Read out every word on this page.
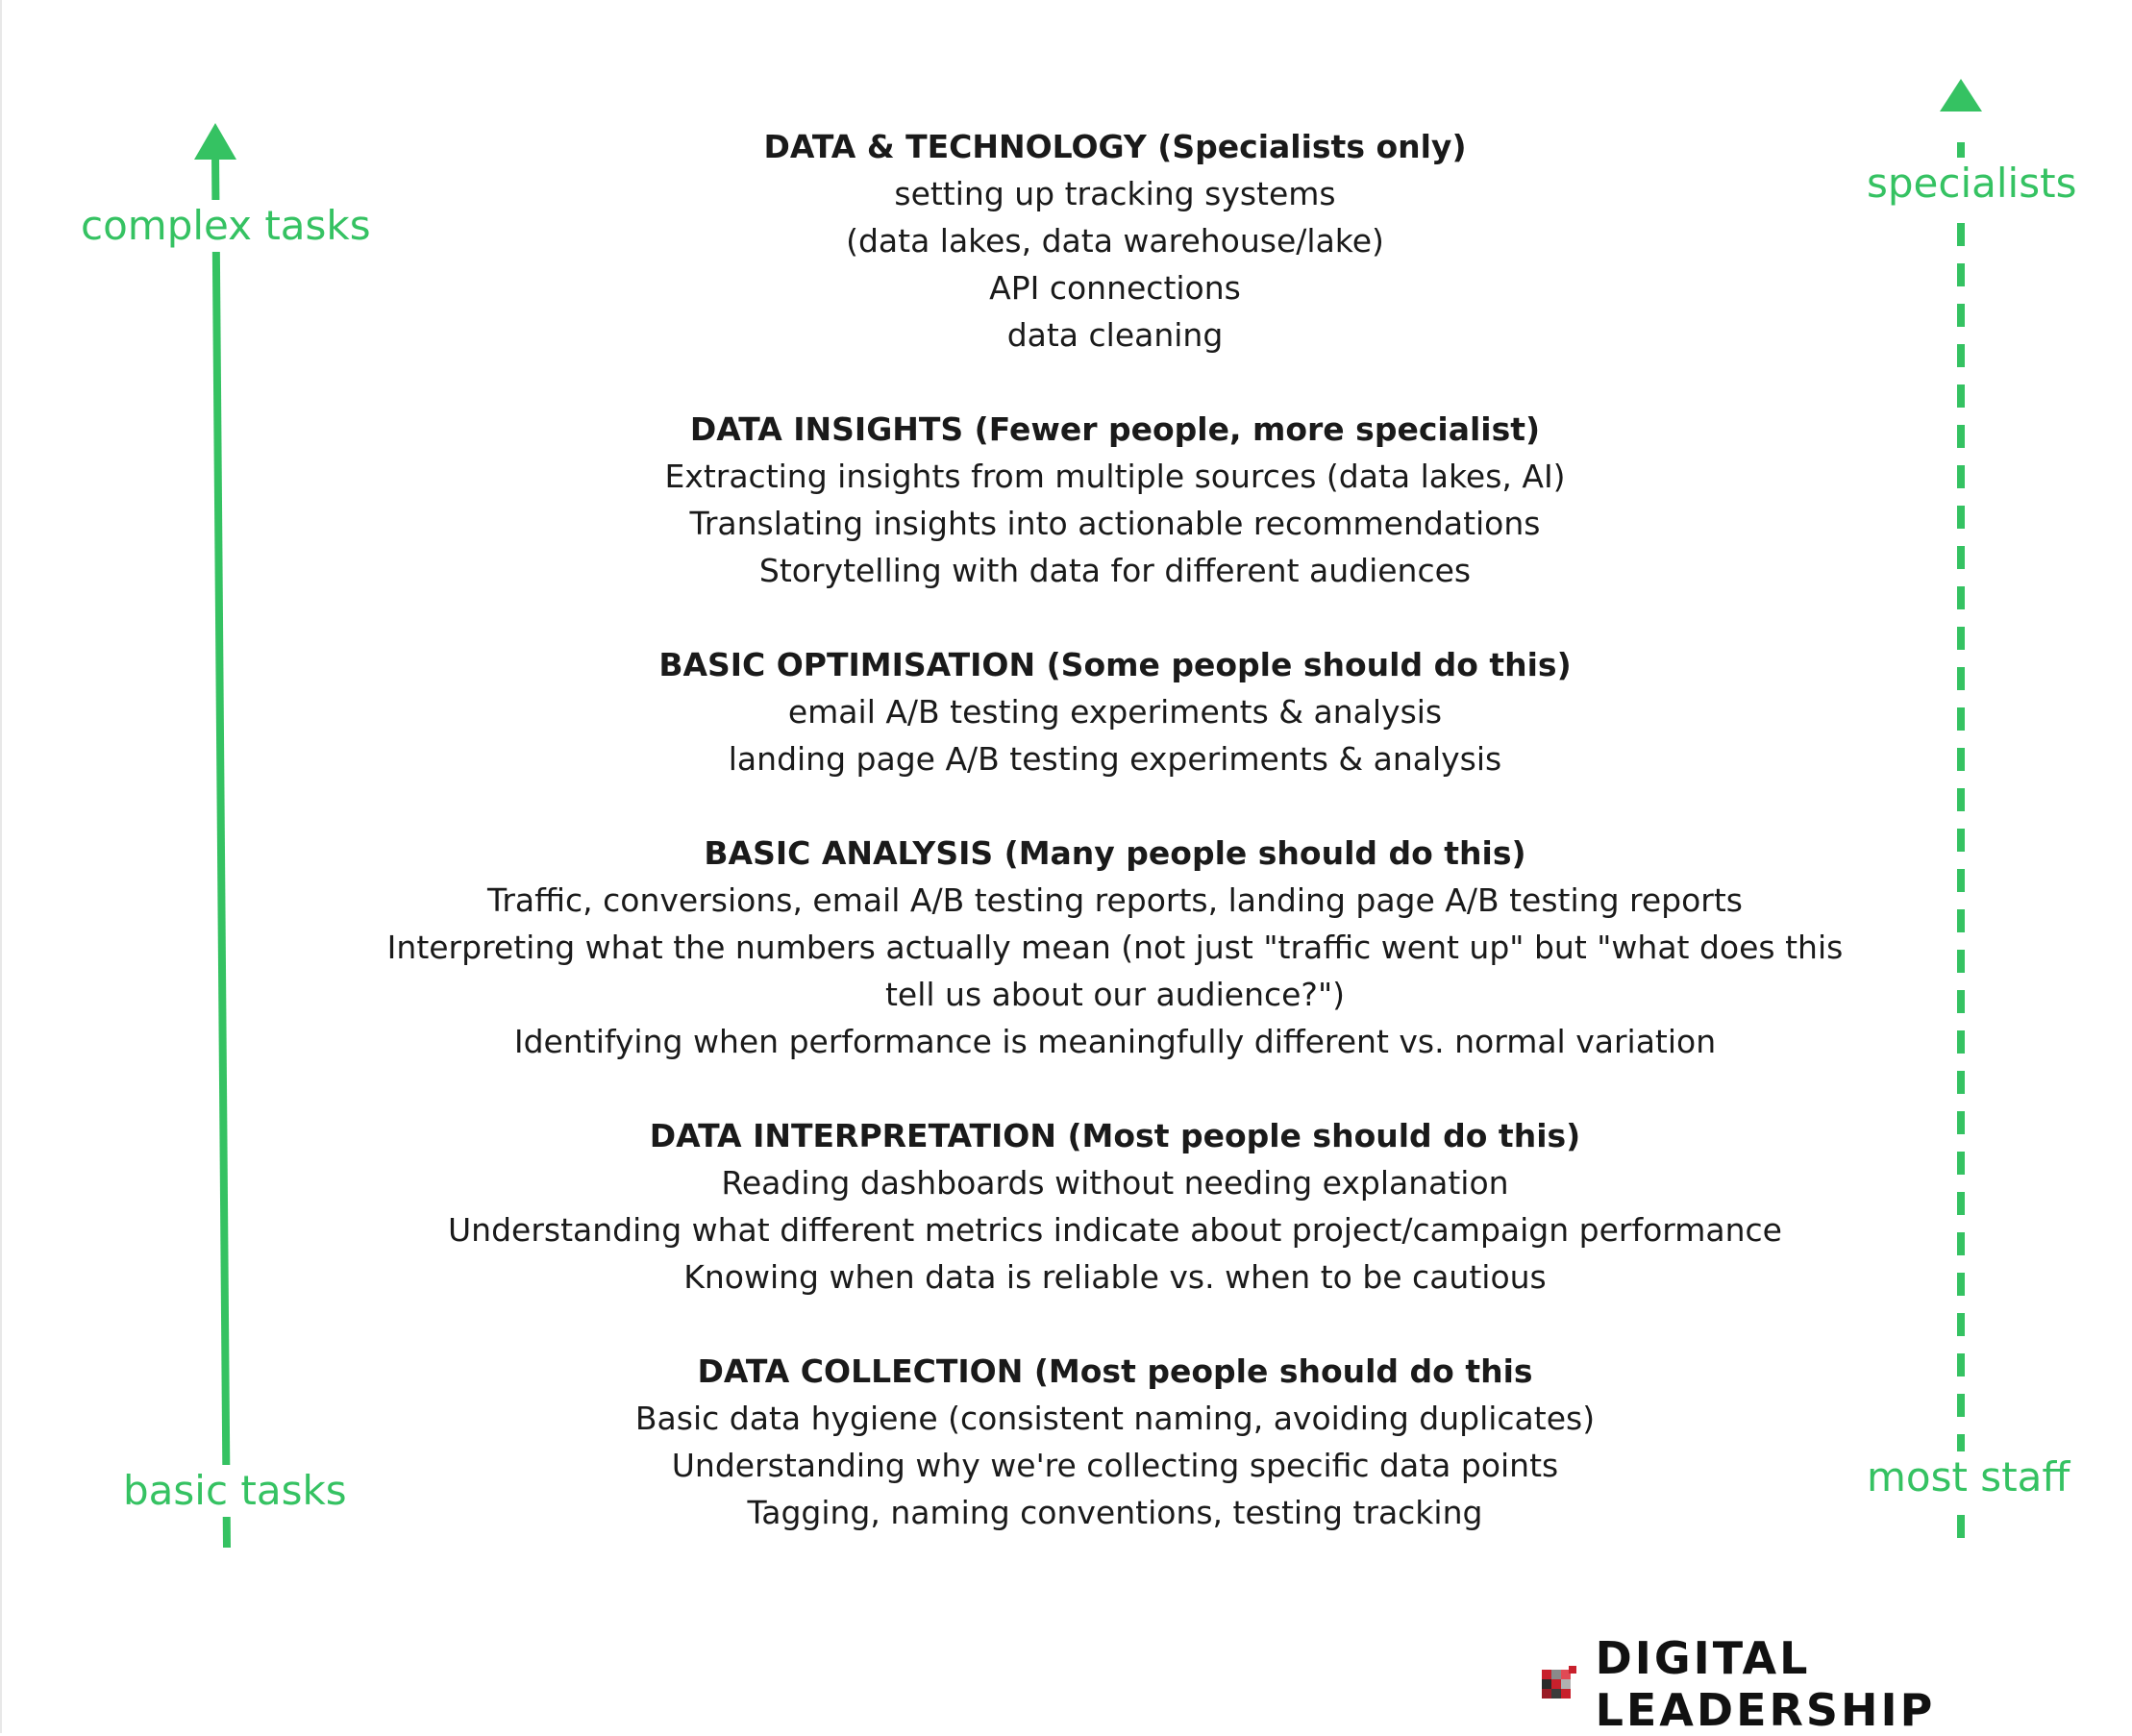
complex tasks
basic tasks
specialists
most staff
DATA & TECHNOLOGY (Specialists only)
setting up tracking systems
(data lakes, data warehouse/lake)
API connections
data cleaning
DATA INSIGHTS (Fewer people, more specialist)
Extracting insights from multiple sources (data lakes, AI)
Translating insights into actionable recommendations
Storytelling with data for different audiences
BASIC OPTIMISATION (Some people should do this)
email A/B testing experiments & analysis
landing page A/B testing experiments & analysis
BASIC ANALYSIS (Many people should do this)
Traffic, conversions, email A/B testing reports, landing page A/B testing reports
Interpreting what the numbers actually mean (not just "traffic went up" but "what does this
tell us about our audience?")
Identifying when performance is meaningfully different vs. normal variation
DATA INTERPRETATION (Most people should do this)
Reading dashboards without needing explanation
Understanding what different metrics indicate about project/campaign performance
Knowing when data is reliable vs. when to be cautious
DATA COLLECTION (Most people should do this
Basic data hygiene (consistent naming, avoiding duplicates)
Understanding why we're collecting specific data points
Tagging, naming conventions, testing tracking
DIGITAL LEADERSHIP
